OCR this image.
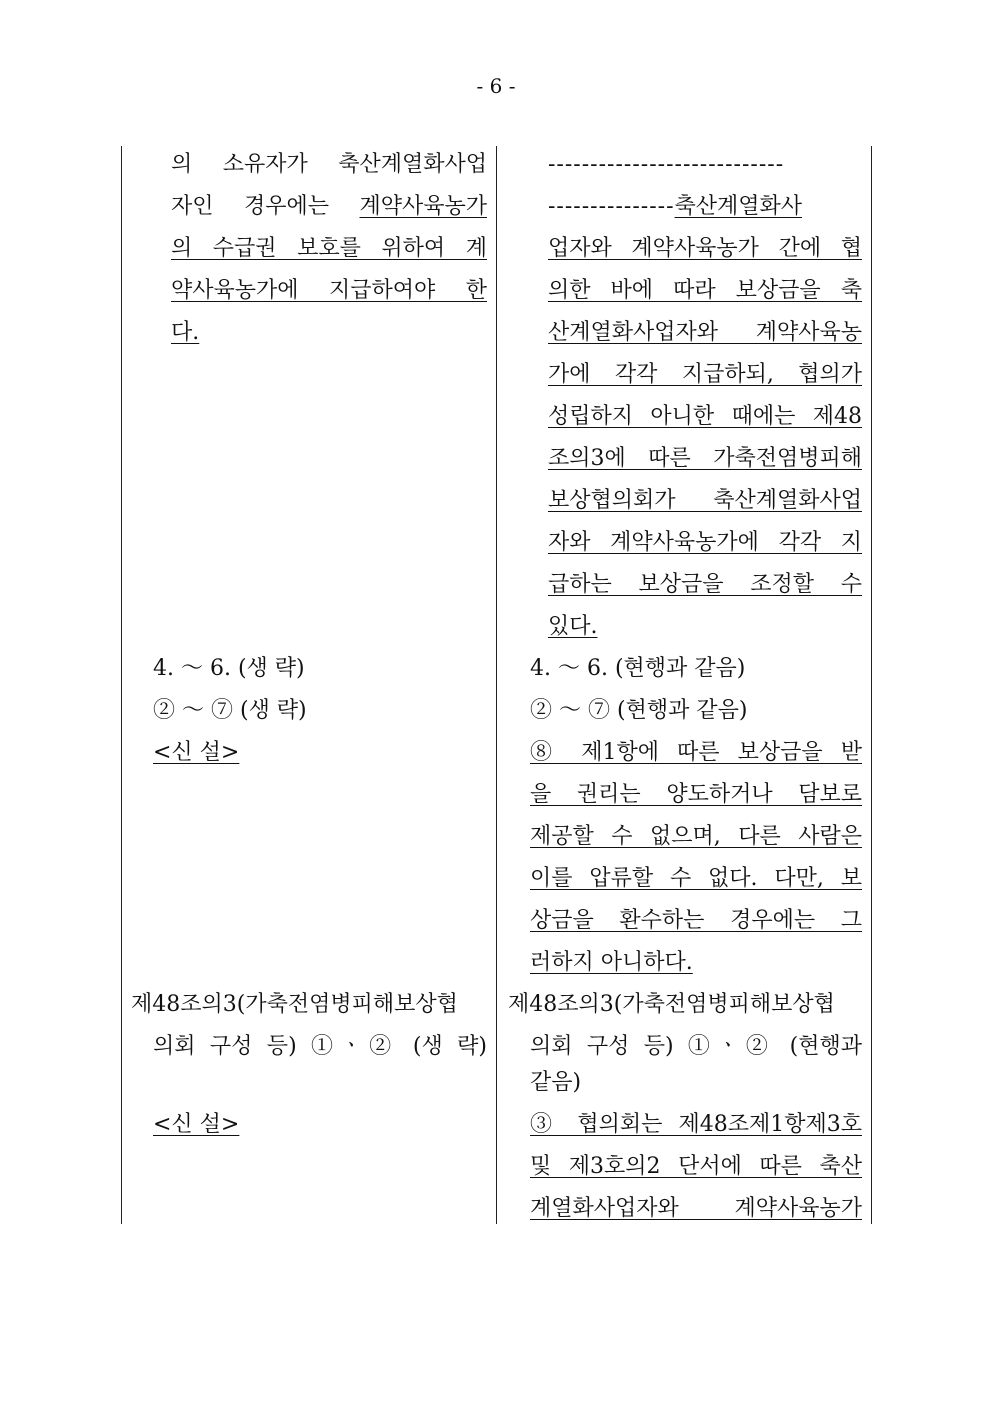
- 6 -
의 소유자가 축산계열화사업
자인 경우에는 계약사육농가
의 수급권 보호를 위하여 계
약사육농가에 지급하여야 한
다.
4. ～ 6. (생 략)
② ～ ⑦ (생 략)
<신 설>
제48조의3(가축전염병피해보상협
의회 구성 등) ①ㆍ② (생 략)
<신 설>
----------------------------
---------------축산계열화사
업자와 계약사육농가 간에 협
의한 바에 따라 보상금을 축
산계열화사업자와 계약사육농
가에 각각 지급하되, 협의가
성립하지 아니한 때에는 제48
조의3에 따른 가축전염병피해
보상협의회가 축산계열화사업
자와 계약사육농가에 각각 지
급하는 보상금을 조정할 수
있다.
4. ～ 6. (현행과 같음)
② ～ ⑦ (현행과 같음)
⑧ 제1항에 따른 보상금을 받
을 권리는 양도하거나 담보로
제공할 수 없으며, 다른 사람은
이를 압류할 수 없다. 다만, 보
상금을 환수하는 경우에는 그
러하지 아니하다.
제48조의3(가축전염병피해보상협
의회 구성 등) ①ㆍ② (현행과
같음)
③ 협의회는 제48조제1항제3호
및 제3호의2 단서에 따른 축산
계열화사업자와 계약사육농가
